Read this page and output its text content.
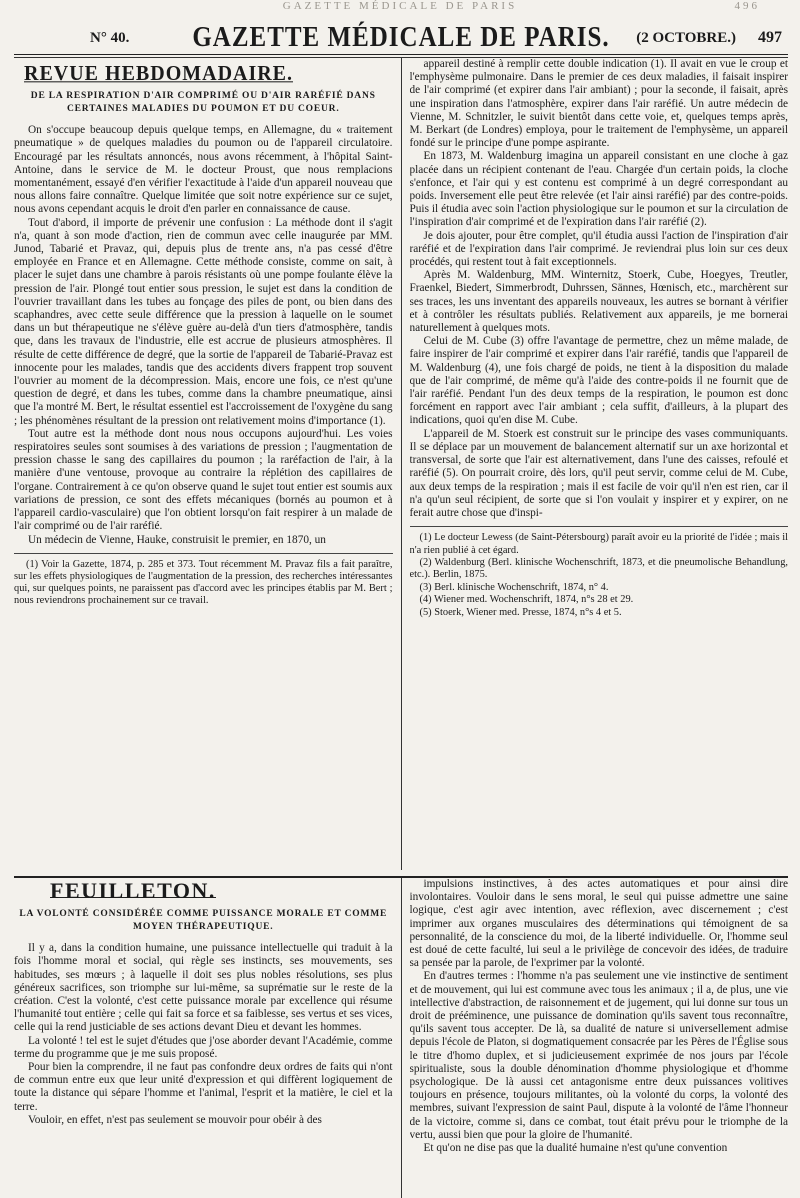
GAZETTE MÉDICALE DE PARIS	496
N° 40.	GAZETTE MÉDICALE DE PARIS.	(2 OCTOBRE.) 497
REVUE HEBDOMADAIRE.
DE LA RESPIRATION D'AIR COMPRIMÉ OU D'AIR RARÉFIÉ DANS CERTAINES MALADIES DU POUMON ET DU COEUR.

On s'occupe beaucoup depuis quelque temps, en Allemagne, du « traitement pneumatique » de quelques maladies du poumon ou de l'appareil circulatoire. Encouragé par les résultats annoncés, nous avons récemment, à l'hôpital Saint-Antoine, dans le service de M. le docteur Proust, que nous remplacions momentanément, essayé d'en vérifier l'exactitude à l'aide d'un appareil nouveau que nous allons faire connaître. Quelque limitée que soit notre expérience sur ce sujet, nous avons cependant acquis le droit d'en parler en connaissance de cause.

Tout d'abord, il importe de prévenir une confusion : La méthode dont il s'agit n'a, quant à son mode d'action, rien de commun avec celle inaugurée par MM. Junod, Tabarié et Pravaz, qui, depuis plus de trente ans, n'a pas cessé d'être employée en France et en Allemagne. Cette méthode consiste, comme on sait, à placer le sujet dans une chambre à parois résistants où une pompe foulante élève la pression de l'air. Plongé tout entier sous pression, le sujet est dans la condition de l'ouvrier travaillant dans les tubes au fonçage des piles de pont, ou bien dans des scaphandres, avec cette seule différence que la pression à laquelle on le soumet dans un but thérapeutique ne s'élève guère au-delà d'un tiers d'atmosphère, tandis que, dans les travaux de l'industrie, elle est accrue de plusieurs atmosphères. Il résulte de cette différence de degré, que la sortie de l'appareil de Tabarié-Pravaz est innocente pour les malades, tandis que des accidents divers frappent trop souvent l'ouvrier au moment de la décompression. Mais, encore une fois, ce n'est qu'une question de degré, et dans les tubes, comme dans la chambre pneumatique, ainsi que l'a montré M. Bert, le résultat essentiel est l'accroissement de l'oxygène du sang ; les phénomènes résultant de la pression ont relativement moins d'importance (1).

Tout autre est la méthode dont nous nous occupons aujourd'hui. Les voies respiratoires seules sont soumises à des variations de pression ; l'augmentation de pression chasse le sang des capillaires du poumon ; la raréfaction de l'air, à la manière d'une ventouse, provoque au contraire la réplétion des capillaires de l'organe. Contrairement à ce qu'on observe quand le sujet tout entier est soumis aux variations de pression, ce sont des effets mécaniques (bornés au poumon et à l'appareil cardio-vasculaire) que l'on obtient lorsqu'on fait respirer à un malade de l'air comprimé ou de l'air raréfié.

Un médecin de Vienne, Hauke, construisit le premier, en 1870, un

(1) Voir la Gazette, 1874, p. 285 et 373. Tout récemment M. Pravaz fils a fait paraître, sur les effets physiologiques de l'augmentation de la pression, des recherches intéressantes qui, sur quelques points, ne paraissent pas d'accord avec les principes établis par M. Bert ; nous reviendrons prochainement sur ce travail.

appareil destiné à remplir cette double indication (1). Il avait en vue le croup et l'emphysème pulmonaire. Dans le premier de ces deux maladies, il faisait inspirer de l'air comprimé (et expirer dans l'air ambiant) ; pour la seconde, il faisait, après une inspiration dans l'atmosphère, expirer dans l'air raréfié. Un autre médecin de Vienne, M. Schnitzler, le suivit bientôt dans cette voie, et, quelques temps après, M. Berkart (de Londres) employa, pour le traitement de l'emphysème, un appareil fondé sur le principe d'une pompe aspirante.

En 1873, M. Waldenburg imagina un appareil consistant en une cloche à gaz placée dans un récipient contenant de l'eau. Chargée d'un certain poids, la cloche s'enfonce, et l'air qui y est contenu est comprimé à un degré correspondant au poids. Inversement elle peut être relevée (et l'air ainsi raréfié) par des contre-poids. Puis il étudia avec soin l'action physiologique sur le poumon et sur la circulation de l'inspiration d'air comprimé et de l'expiration dans l'air raréfié (2).

Je dois ajouter, pour être complet, qu'il étudia aussi l'action de l'inspiration d'air raréfié et de l'expiration dans l'air comprimé. Je reviendrai plus loin sur ces deux procédés, qui restent tout à fait exceptionnels.

Après M. Waldenburg, MM. Winternitz, Stoerk, Cube, Hoegyes, Treutler, Fraenkel, Biedert, Simmerbrodt, Duhrssen, Sännes, Hœnisch, etc., marchèrent sur ses traces, les uns inventant des appareils nouveaux, les autres se bornant à vérifier et à contrôler les résultats publiés. Relativement aux appareils, je me bornerai naturellement à quelques mots.

Celui de M. Cube (3) offre l'avantage de permettre, chez un même malade, de faire inspirer de l'air comprimé et expirer dans l'air raréfié, tandis que l'appareil de M. Waldenburg (4), une fois chargé de poids, ne tient à la disposition du malade que de l'air comprimé, de même qu'à l'aide des contre-poids il ne fournit que de l'air raréfié. Pendant l'un des deux temps de la respiration, le poumon est donc forcément en rapport avec l'air ambiant ; cela suffit, d'ailleurs, à la plupart des indications, quoi qu'en dise M. Cube.

L'appareil de M. Stoerk est construit sur le principe des vases communiquants. Il se déplace par un mouvement de balancement alternatif sur un axe horizontal et transversal, de sorte que l'air est alternativement, dans l'une des caisses, refoulé et raréfié (5). On pourrait croire, dès lors, qu'il peut servir, comme celui de M. Cube, aux deux temps de la respiration ; mais il est facile de voir qu'il n'en est rien, car il n'a qu'un seul récipient, de sorte que si l'on voulait y inspirer et y expirer, on ne ferait autre chose que d'inspi-

(1) Le docteur Lewess (de Saint-Pétersbourg) paraît avoir eu la priorité de l'idée ; mais il n'a rien publié à cet égard.

(2) Waldenburg (Berl. klinische Wochenschrift, 1873, et die pneumolische Behandlung, etc.). Berlin, 1875.

(3) Berl. klinische Wochenschrift, 1874, n° 4.

(4) Wiener med. Wochenschrift, 1874, n°s 28 et 29.

(5) Stoerk, Wiener med. Presse, 1874, n°s 4 et 5.

FEUILLETON.
LA VOLONTÉ CONSIDÉRÉE COMME PUISSANCE MORALE ET COMME MOYEN THÉRAPEUTIQUE.

Il y a, dans la condition humaine, une puissance intellectuelle qui traduit à la fois l'homme moral et social, qui règle ses instincts, ses mouvements, ses habitudes, ses mœurs ; à laquelle il doit ses plus nobles résolutions, ses plus généreux sacrifices, son triomphe sur lui-même, sa suprématie sur le reste de la création. C'est la volonté, c'est cette puissance morale par excellence qui résume l'humanité tout entière ; celle qui fait sa force et sa faiblesse, ses vertus et ses vices, celle qui la rend justiciable de ses actions devant Dieu et devant les hommes.

La volonté ! tel est le sujet d'études que j'ose aborder devant l'Académie, comme terme du programme que je me suis proposé.

Pour bien la comprendre, il ne faut pas confondre deux ordres de faits qui n'ont de commun entre eux que leur unité d'expression et qui diffèrent logiquement de toute la distance qui sépare l'homme et l'animal, l'esprit et la matière, le ciel et la terre.

Vouloir, en effet, n'est pas seulement se mouvoir pour obéir à des

impulsions instinctives, à des actes automatiques et pour ainsi dire involontaires. Vouloir dans le sens moral, le seul qui puisse admettre une saine logique, c'est agir avec intention, avec réflexion, avec discernement ; c'est imprimer aux organes musculaires des déterminations qui témoignent de sa personnalité, de la conscience du moi, de la liberté individuelle. Or, l'homme seul est doué de cette faculté, lui seul a le privilège de concevoir des idées, de traduire sa pensée par la parole, de l'exprimer par la volonté.

En d'autres termes : l'homme n'a pas seulement une vie instinctive de sentiment et de mouvement, qui lui est commune avec tous les animaux ; il a, de plus, une vie intellective d'abstraction, de raisonnement et de jugement, qui lui donne sur tous un droit de prééminence, une puissance de domination qu'ils savent tous reconnaître, qu'ils savent tous accepter. De là, sa dualité de nature si universellement admise depuis l'école de Platon, si dogmatiquement consacrée par les Pères de l'Église sous le titre d'homo duplex, et si judicieusement exprimée de nos jours par l'école spiritualiste, sous la double dénomination d'homme physiologique et d'homme psychologique. De là aussi cet antagonisme entre deux puissances volitives toujours en présence, toujours militantes, où la volonté du corps, la volonté des membres, suivant l'expression de saint Paul, dispute à la volonté de l'âme l'honneur de la victoire, comme si, dans ce combat, tout était prévu pour le triomphe de la vertu, aussi bien que pour la gloire de l'humanité.

Et qu'on ne dise pas que la dualité humaine n'est qu'une convention
